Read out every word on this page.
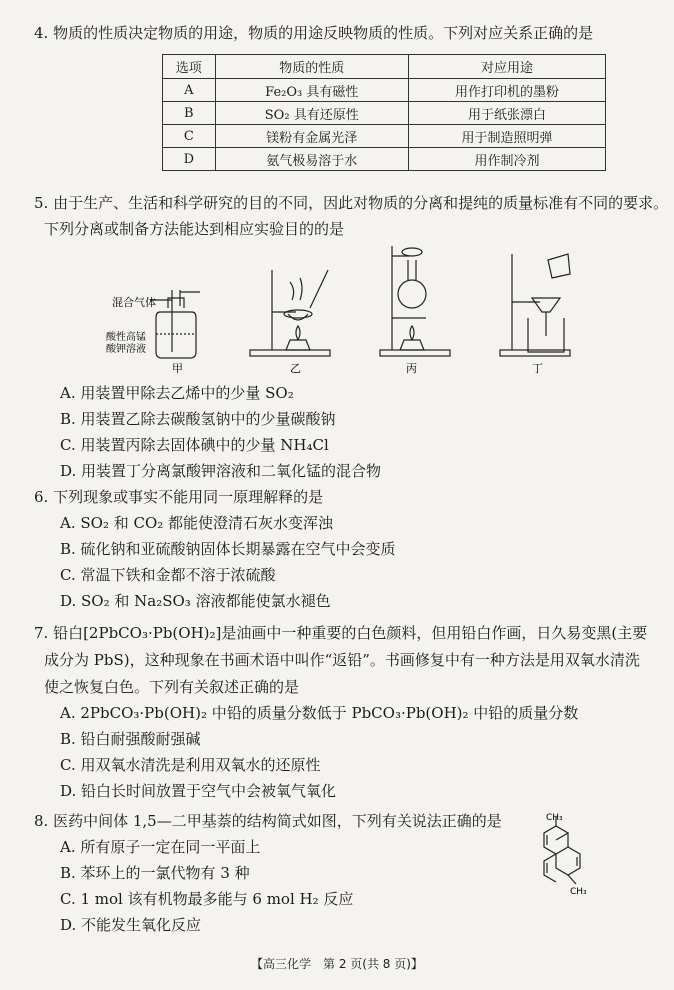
4. 物质的性质决定物质的用途，物质的用途反映物质的性质。下列对应关系正确的是
选项	物质的性质	对应用途
A	Fe₂O₃ 具有磁性	用作打印机的墨粉
B	SO₂ 具有还原性	用于纸张漂白
C	镁粉有金属光泽	用于制造照明弹
D	氨气极易溶于水	用作制冷剂
5. 由于生产、生活和科学研究的目的不同，因此对物质的分离和提纯的质量标准有不同的要求。
下列分离或制备方法能达到相应实验目的的是
混合气体
酸性高锰
酸钾溶液
甲	乙	丙	丁
A. 用装置甲除去乙烯中的少量 SO₂
B. 用装置乙除去碳酸氢钠中的少量碳酸钠
C. 用装置丙除去固体碘中的少量 NH₄Cl
D. 用装置丁分离氯酸钾溶液和二氧化锰的混合物
6. 下列现象或事实不能用同一原理解释的是
A. SO₂ 和 CO₂ 都能使澄清石灰水变浑浊
B. 硫化钠和亚硫酸钠固体长期暴露在空气中会变质
C. 常温下铁和金都不溶于浓硫酸
D. SO₂ 和 Na₂SO₃ 溶液都能使氯水褪色
7. 铅白[2PbCO₃·Pb(OH)₂]是油画中一种重要的白色颜料，但用铅白作画，日久易变黑(主要
成分为 PbS)，这种现象在书画术语中叫作“返铅”。书画修复中有一种方法是用双氧水清洗
使之恢复白色。下列有关叙述正确的是
A. 2PbCO₃·Pb(OH)₂ 中铅的质量分数低于 PbCO₃·Pb(OH)₂ 中铅的质量分数
B. 铅白耐强酸耐强碱
C. 用双氧水清洗是利用双氧水的还原性
D. 铅白长时间放置于空气中会被氧气氧化
8. 医药中间体 1,5—二甲基萘的结构简式如图，下列有关说法正确的是
A. 所有原子一定在同一平面上
B. 苯环上的一氯代物有 3 种
C. 1 mol 该有机物最多能与 6 mol H₂ 反应
D. 不能发生氧化反应
CH₃
CH₃
【高三化学　第 2 页(共 8 页)】
